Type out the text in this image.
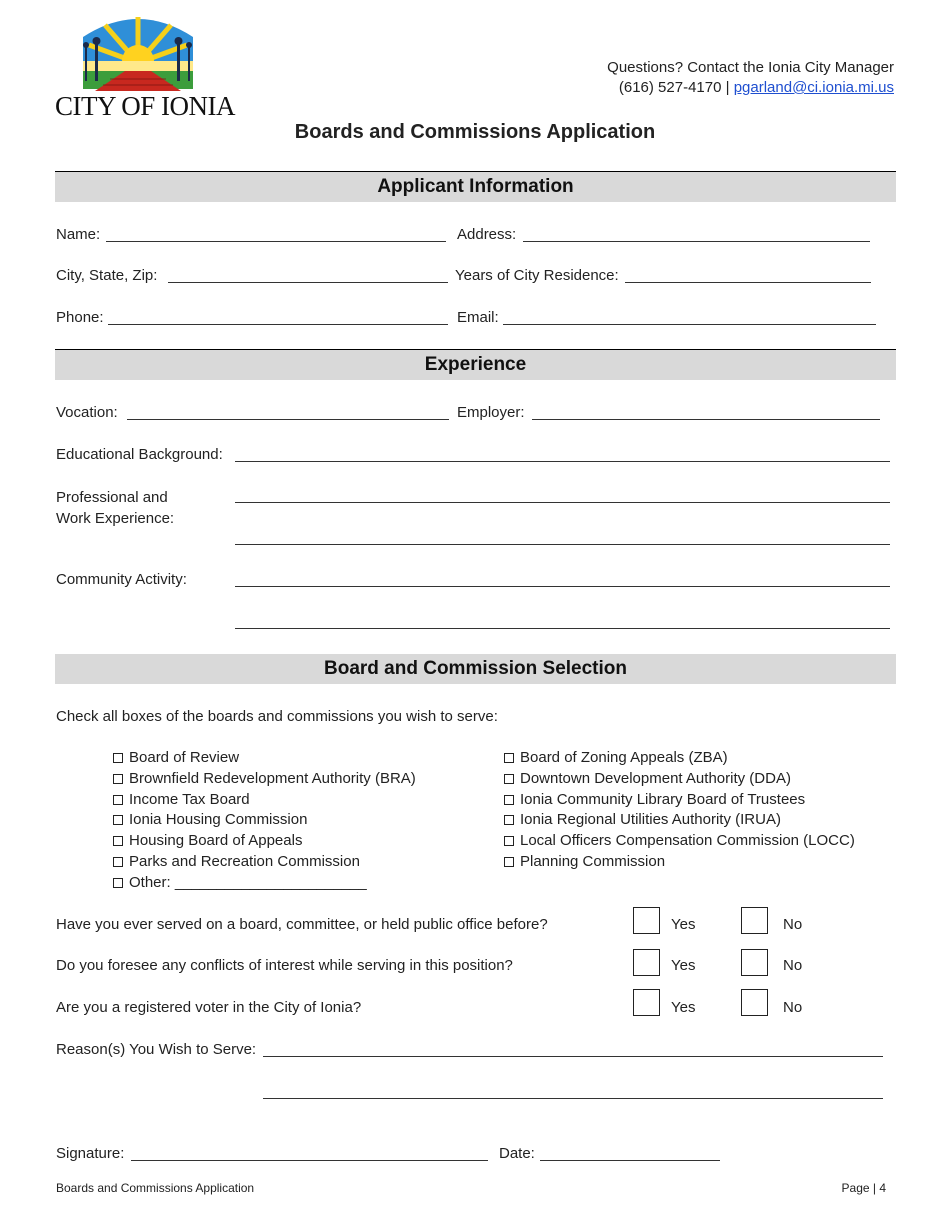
CITY OF IONIA
Questions? Contact the Ionia City Manager
(616) 527-4170 | pgarland@ci.ionia.mi.us
Boards and Commissions Application
Applicant Information
Name:	Address:
City, State, Zip:	Years of City Residence:
Phone:	Email:
Experience
Vocation:	Employer:
Educational Background:
Professional and
Work Experience:
Community Activity:
Board and Commission Selection
Check all boxes of the boards and commissions you wish to serve:
Board of Review
Brownfield Redevelopment Authority (BRA)
Income Tax Board
Ionia Housing Commission
Housing Board of Appeals
Parks and Recreation Commission
Other: _______________________
Board of Zoning Appeals (ZBA)
Downtown Development Authority (DDA)
Ionia Community Library Board of Trustees
Ionia Regional Utilities Authority (IRUA)
Local Officers Compensation Commission (LOCC)
Planning Commission
Have you ever served on a board, committee, or held public office before?	Yes	No
Do you foresee any conflicts of interest while serving in this position?	Yes	No
Are you a registered voter in the City of Ionia?	Yes	No
Reason(s) You Wish to Serve:
Signature:	Date:
Boards and Commissions Application	Page | 4
